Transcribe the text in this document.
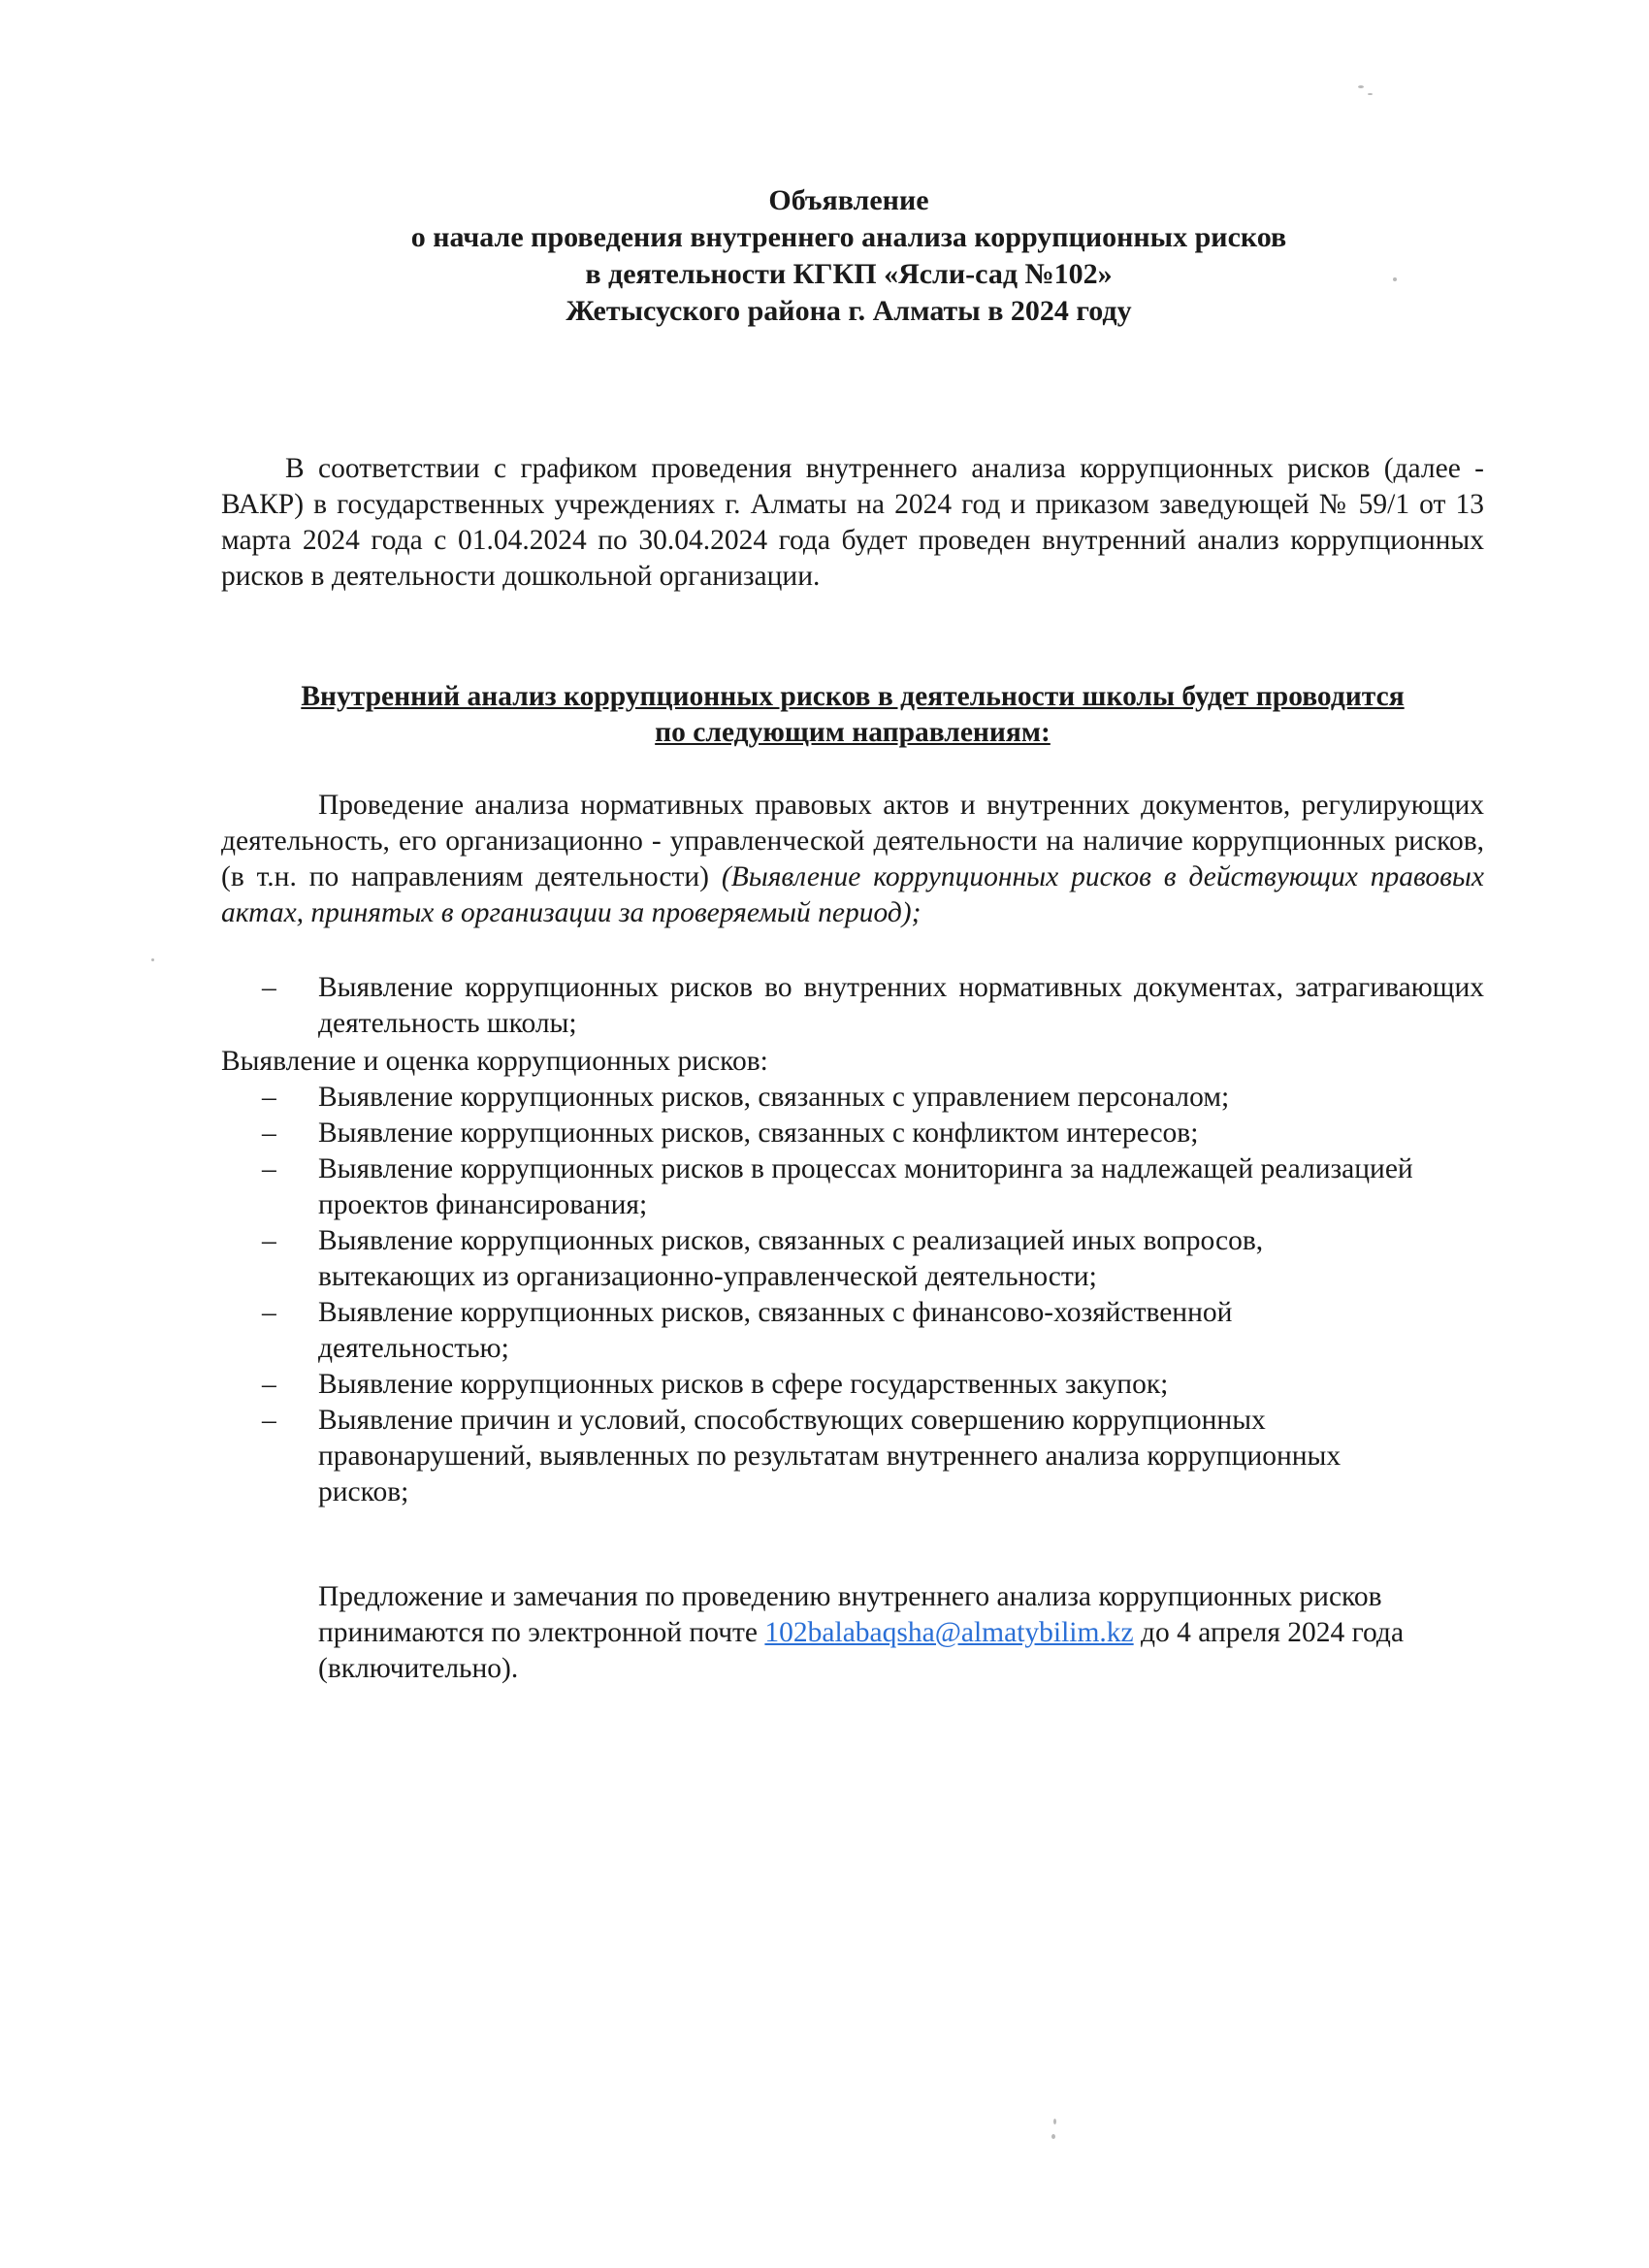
Объявление
о начале проведения внутреннего анализа коррупционных рисков
в деятельности КГКП «Ясли-сад №102»
Жетысуского района г. Алматы в 2024 году

В соответствии с графиком проведения внутреннего анализа коррупционных рисков (далее - ВАКР) в государственных учреждениях г. Алматы на 2024 год и приказом заведующей № 59/1 от 13 марта 2024 года с 01.04.2024 по 30.04.2024 года будет проведен внутренний анализ коррупционных рисков в деятельности дошкольной организации.

Внутренний анализ коррупционных рисков в деятельности школы будет проводится
по следующим направлениям:

Проведение анализа нормативных правовых актов и внутренних документов, регулирующих деятельность, его организационно - управленческой деятельности на наличие коррупционных рисков, (в т.н. по направлениям деятельности) (Выявление коррупционных рисков в действующих правовых актах, принятых в организации за проверяемый период);

– Выявление коррупционных рисков во внутренних нормативных документах, затрагивающих деятельность школы;
Выявление и оценка коррупционных рисков:
– Выявление коррупционных рисков, связанных с управлением персоналом;
– Выявление коррупционных рисков, связанных с конфликтом интересов;
– Выявление коррупционных рисков в процессах мониторинга за надлежащей реализацией проектов финансирования;
– Выявление коррупционных рисков, связанных с реализацией иных вопросов, вытекающих из организационно-управленческой деятельности;
– Выявление коррупционных рисков, связанных с финансово-хозяйственной деятельностью;
– Выявление коррупционных рисков в сфере государственных закупок;
– Выявление причин и условий, способствующих совершению коррупционных правонарушений, выявленных по результатам внутреннего анализа коррупционных рисков;

Предложение и замечания по проведению внутреннего анализа коррупционных рисков принимаются по электронной почте 102balabaqsha@almatybilim.kz до 4 апреля 2024 года (включительно).
